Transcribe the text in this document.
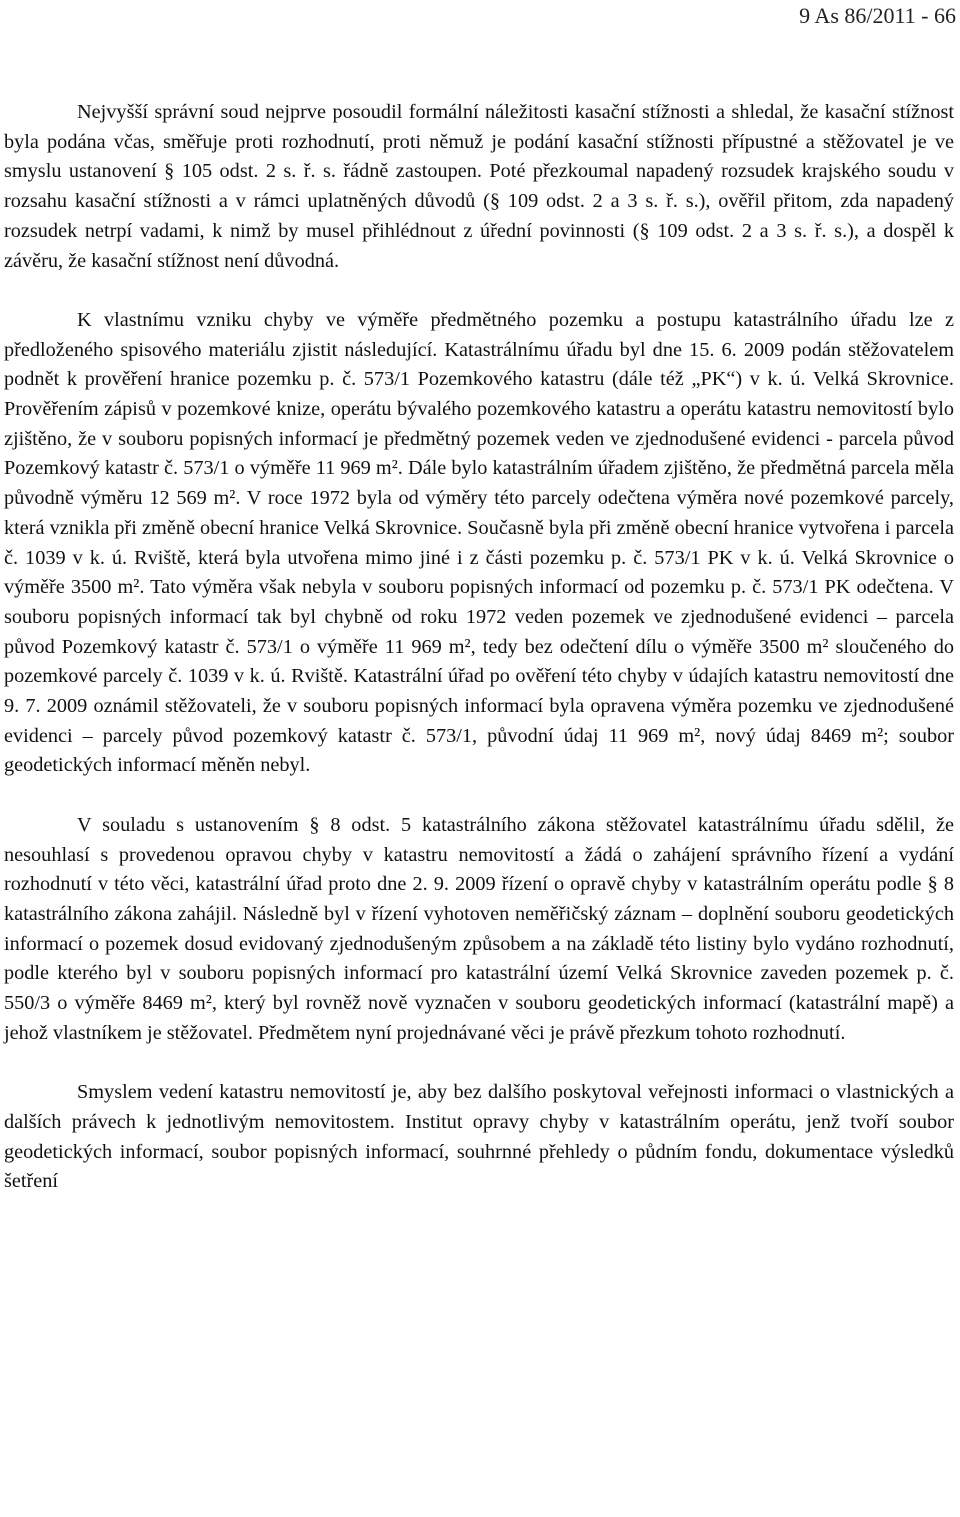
9 As 86/2011 - 66

Nejvyšší správní soud nejprve posoudil formální náležitosti kasační stížnosti a shledal, že kasační stížnost byla podána včas, směřuje proti rozhodnutí, proti němuž je podání kasační stížnosti přípustné a stěžovatel je ve smyslu ustanovení § 105 odst. 2 s. ř. s. řádně zastoupen. Poté přezkoumal napadený rozsudek krajského soudu v rozsahu kasační stížnosti a v rámci uplatněných důvodů (§ 109 odst. 2 a 3 s. ř. s.), ověřil přitom, zda napadený rozsudek netrpí vadami, k nimž by musel přihlédnout z úřední povinnosti (§ 109 odst. 2 a 3 s. ř. s.), a dospěl k závěru, že kasační stížnost není důvodná.

K vlastnímu vzniku chyby ve výměře předmětného pozemku a postupu katastrálního úřadu lze z předloženého spisového materiálu zjistit následující. Katastrálnímu úřadu byl dne 15. 6. 2009 podán stěžovatelem podnět k prověření hranice pozemku p. č. 573/1 Pozemkového katastru (dále též „PK“) v k. ú. Velká Skrovnice. Prověřením zápisů v pozemkové knize, operátu bývalého pozemkového katastru a operátu katastru nemovitostí bylo zjištěno, že v souboru popisných informací je předmětný pozemek veden ve zjednodušené evidenci - parcela původ Pozemkový katastr č. 573/1 o výměře 11 969 m². Dále bylo katastrálním úřadem zjištěno, že předmětná parcela měla původně výměru 12 569 m². V roce 1972 byla od výměry této parcely odečtena výměra nové pozemkové parcely, která vznikla při změně obecní hranice Velká Skrovnice. Současně byla při změně obecní hranice vytvořena i parcela č. 1039 v k. ú. Rviště, která byla utvořena mimo jiné i z části pozemku p. č. 573/1 PK v k. ú. Velká Skrovnice o výměře 3500 m². Tato výměra však nebyla v souboru popisných informací od pozemku p. č. 573/1 PK odečtena. V souboru popisných informací tak byl chybně od roku 1972 veden pozemek ve zjednodušené evidenci – parcela původ Pozemkový katastr č. 573/1 o výměře 11 969 m², tedy bez odečtení dílu o výměře 3500 m² sloučeného do pozemkové parcely č. 1039 v k. ú. Rviště. Katastrální úřad po ověření této chyby v údajích katastru nemovitostí dne 9. 7. 2009 oznámil stěžovateli, že v souboru popisných informací byla opravena výměra pozemku ve zjednodušené evidenci – parcely původ pozemkový katastr č. 573/1, původní údaj 11 969 m², nový údaj 8469 m²; soubor geodetických informací měněn nebyl.

V souladu s ustanovením § 8 odst. 5 katastrálního zákona stěžovatel katastrálnímu úřadu sdělil, že nesouhlasí s provedenou opravou chyby v katastru nemovitostí a žádá o zahájení správního řízení a vydání rozhodnutí v této věci, katastrální úřad proto dne 2. 9. 2009 řízení o opravě chyby v katastrálním operátu podle § 8 katastrálního zákona zahájil. Následně byl v řízení vyhotoven neměřičský záznam – doplnění souboru geodetických informací o pozemek dosud evidovaný zjednodušeným způsobem a na základě této listiny bylo vydáno rozhodnutí, podle kterého byl v souboru popisných informací pro katastrální území Velká Skrovnice zaveden pozemek p. č. 550/3 o výměře 8469 m², který byl rovněž nově vyznačen v souboru geodetických informací (katastrální mapě) a jehož vlastníkem je stěžovatel. Předmětem nyní projednávané věci je právě přezkum tohoto rozhodnutí.

Smyslem vedení katastru nemovitostí je, aby bez dalšího poskytoval veřejnosti informaci o vlastnických a dalších právech k jednotlivým nemovitostem. Institut opravy chyby v katastrálním operátu, jenž tvoří soubor geodetických informací, soubor popisných informací, souhrnné přehledy o půdním fondu, dokumentace výsledků šetření
